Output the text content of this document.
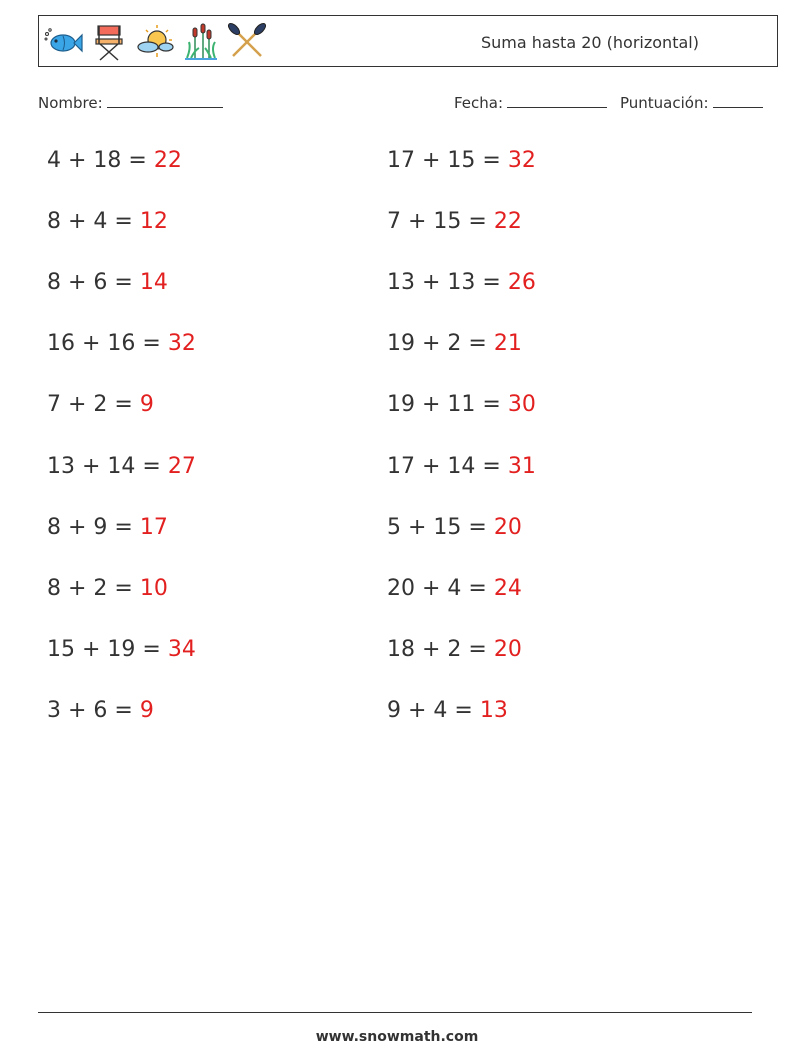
Suma hasta 20 (horizontal)
Nombre:	Fecha:	Puntuación:
4 + 18 = 22
8 + 4 = 12
8 + 6 = 14
16 + 16 = 32
7 + 2 = 9
13 + 14 = 27
8 + 9 = 17
8 + 2 = 10
15 + 19 = 34
3 + 6 = 9
17 + 15 = 32
7 + 15 = 22
13 + 13 = 26
19 + 2 = 21
19 + 11 = 30
17 + 14 = 31
5 + 15 = 20
20 + 4 = 24
18 + 2 = 20
9 + 4 = 13
www.snowmath.com
